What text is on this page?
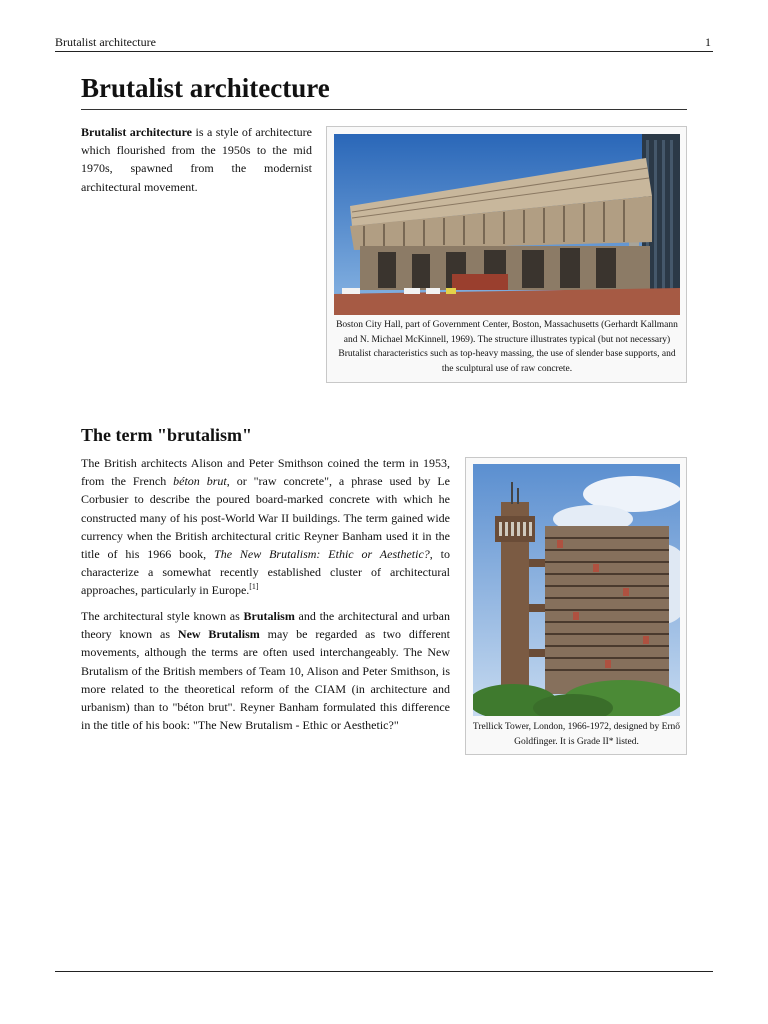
Brutalist architecture	1
Brutalist architecture

Brutalist architecture is a style of architecture which flourished from the 1950s to the mid 1970s, spawned from the modernist architectural movement.

Boston City Hall, part of Government Center, Boston, Massachusetts (Gerhardt Kallmann and N. Michael McKinnell, 1969). The structure illustrates typical (but not necessary) Brutalist characteristics such as top-heavy massing, the use of slender base supports, and the sculptural use of raw concrete.

The term "brutalism"

The British architects Alison and Peter Smithson coined the term in 1953, from the French béton brut, or "raw concrete", a phrase used by Le Corbusier to describe the poured board-marked concrete with which he constructed many of his post-World War II buildings. The term gained wide currency when the British architectural critic Reyner Banham used it in the title of his 1966 book, The New Brutalism: Ethic or Aesthetic?, to characterize a somewhat recently established cluster of architectural approaches, particularly in Europe.[1]

The architectural style known as Brutalism and the architectural and urban theory known as New Brutalism may be regarded as two different movements, although the terms are often used interchangeably. The New Brutalism of the British members of Team 10, Alison and Peter Smithson, is more related to the theoretical reform of the CIAM (in architecture and urbanism) than to "béton brut". Reyner Banham formulated this difference in the title of his book: "The New Brutalism - Ethic or Aesthetic?"	Trellick Tower, London, 1966-1972, designed by Ernő Goldfinger. It is Grade II* listed.
